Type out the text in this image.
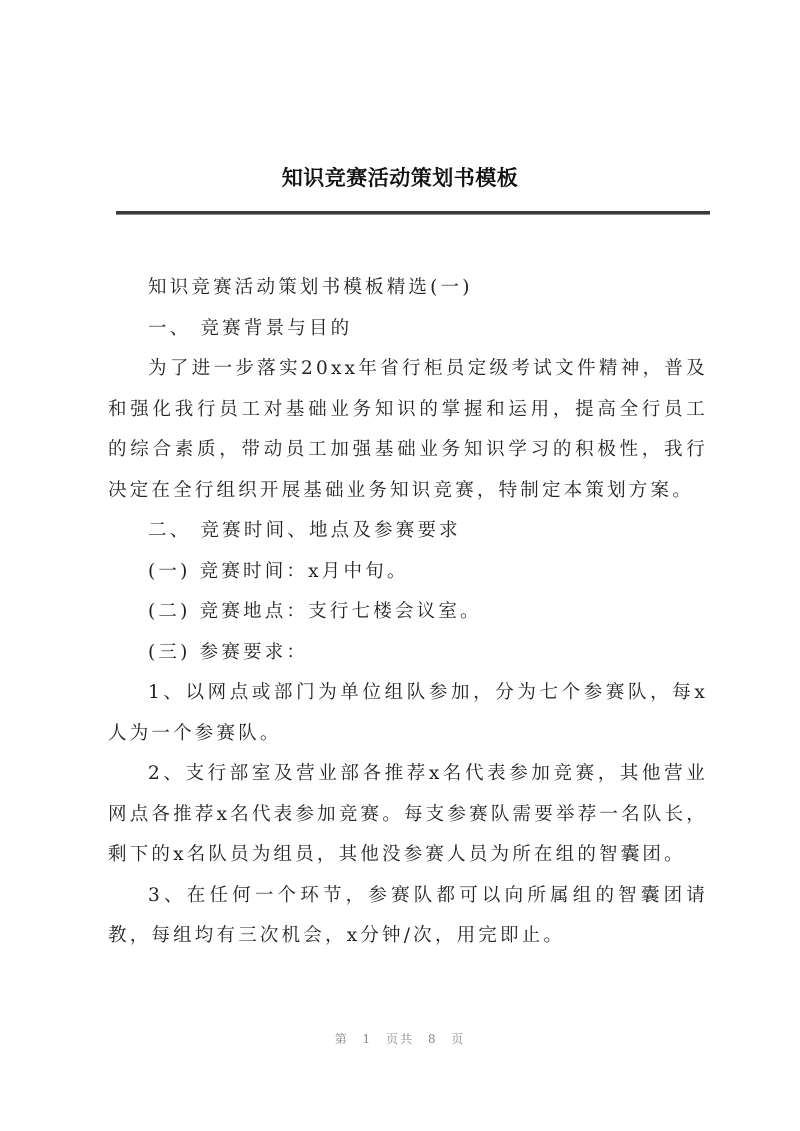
知识竞赛活动策划书模板

知识竞赛活动策划书模板精选(一)

一、 竞赛背景与目的

为了进一步落实20xx年省行柜员定级考试文件精神，普及和强化我行员工对基础业务知识的掌握和运用，提高全行员工的综合素质，带动员工加强基础业务知识学习的积极性，我行决定在全行组织开展基础业务知识竞赛，特制定本策划方案。

二、 竞赛时间、地点及参赛要求

(一) 竞赛时间：x月中旬。

(二) 竞赛地点：支行七楼会议室。

(三) 参赛要求：

1、以网点或部门为单位组队参加，分为七个参赛队，每x人为一个参赛队。

2、支行部室及营业部各推荐x名代表参加竞赛，其他营业网点各推荐x名代表参加竞赛。每支参赛队需要举荐一名队长，剩下的x名队员为组员，其他没参赛人员为所在组的智囊团。

3、在任何一个环节，参赛队都可以向所属组的智囊团请教，每组均有三次机会，x分钟/次，用完即止。

第 1 页共 8 页
